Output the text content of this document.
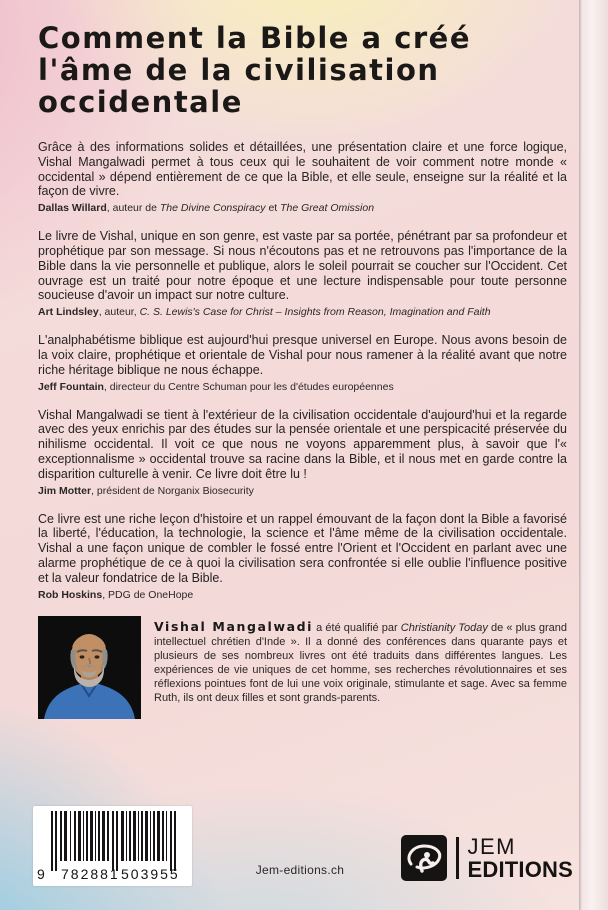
Comment la Bible a créé
l'âme de la civilisation
occidentale

Grâce à des informations solides et détaillées, une présentation claire et une force logique, Vishal Mangalwadi permet à tous ceux qui le souhaitent de voir comment notre monde « occidental » dépend entièrement de ce que la Bible, et elle seule, enseigne sur la réalité et la façon de vivre.

Dallas Willard, auteur de The Divine Conspiracy et The Great Omission

Le livre de Vishal, unique en son genre, est vaste par sa portée, pénétrant par sa profondeur et prophétique par son message. Si nous n'écoutons pas et ne retrouvons pas l'importance de la Bible dans la vie personnelle et publique, alors le soleil pourrait se coucher sur l'Occident. Cet ouvrage est un traité pour notre époque et une lecture indispensable pour toute personne soucieuse d'avoir un impact sur notre culture.

Art Lindsley, auteur, C. S. Lewis's Case for Christ – Insights from Reason, Imagination and Faith

L'analphabétisme biblique est aujourd'hui presque universel en Europe. Nous avons besoin de la voix claire, prophétique et orientale de Vishal pour nous ramener à la réalité avant que notre riche héritage biblique ne nous échappe.

Jeff Fountain, directeur du Centre Schuman pour les d'études européennes

Vishal Mangalwadi se tient à l'extérieur de la civilisation occidentale d'aujourd'hui et la regarde avec des yeux enrichis par des études sur la pensée orientale et une perspicacité préservée du nihilisme occidental. Il voit ce que nous ne voyons apparemment plus, à savoir que l'« exceptionnalisme » occidental trouve sa racine dans la Bible, et il nous met en garde contre la disparition culturelle à venir. Ce livre doit être lu !

Jim Motter, président de Norganix Biosecurity

Ce livre est une riche leçon d'histoire et un rappel émouvant de la façon dont la Bible a favorisé la liberté, l'éducation, la technologie, la science et l'âme même de la civilisation occidentale. Vishal a une façon unique de combler le fossé entre l'Orient et l'Occident en parlant avec une alarme prophétique de ce à quoi la civilisation sera confrontée si elle oublie l'influence positive et la valeur fondatrice de la Bible.

Rob Hoskins, PDG de OneHope

Vishal Mangalwadi a été qualifié par Christianity Today de « plus grand intellectuel chrétien d'Inde ». Il a donné des conférences dans quarante pays et plusieurs de ses nombreux livres ont été traduits dans différentes langues. Les expériences de vie uniques de cet homme, ses recherches révolutionnaires et ses réflexions pointues font de lui une voix originale, stimulante et sage. Avec sa femme Ruth, ils ont deux filles et sont grands-parents.

9 782881 503955	Jem-editions.ch
JEM
EDITIONS
